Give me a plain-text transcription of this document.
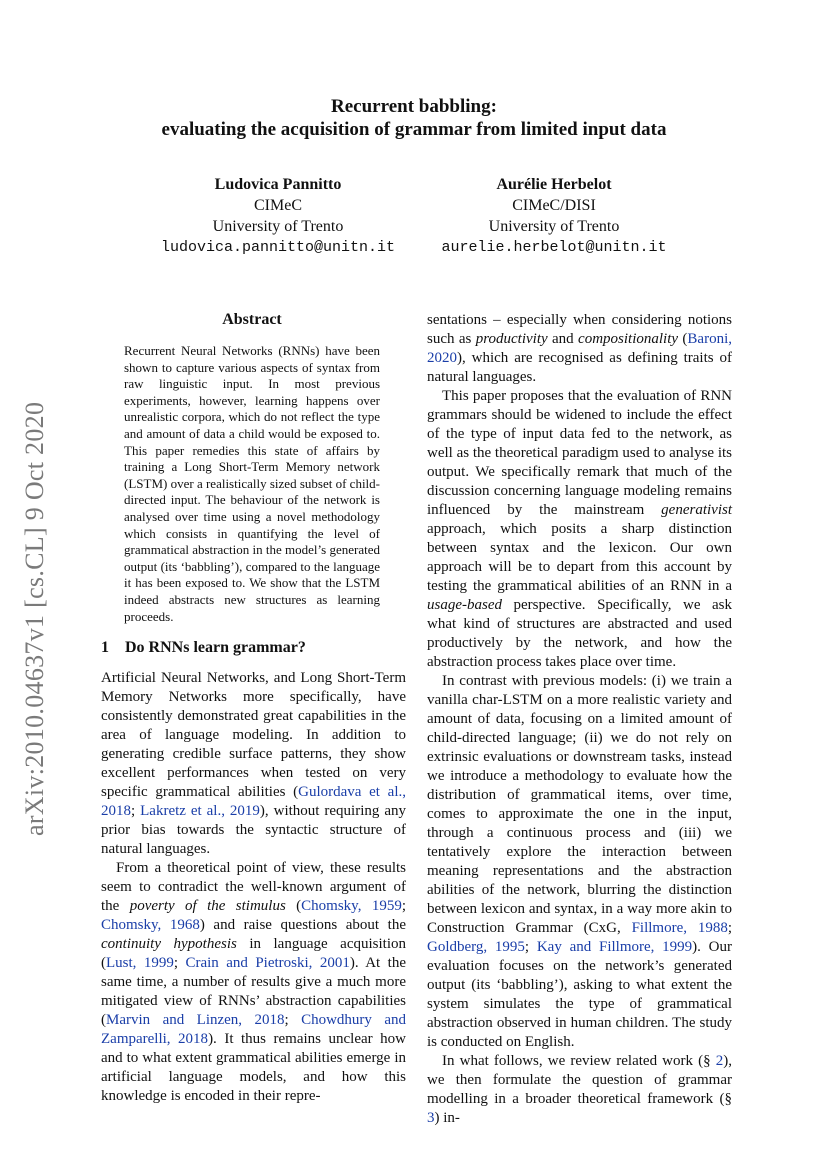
Recurrent babbling:
evaluating the acquisition of grammar from limited input data
Ludovica Pannitto
CIMeC
University of Trento
ludovica.pannitto@unitn.it
Aurélie Herbelot
CIMeC/DISI
University of Trento
aurelie.herbelot@unitn.it
arXiv:2010.04637v1 [cs.CL] 9 Oct 2020
Abstract
Recurrent Neural Networks (RNNs) have been shown to capture various aspects of syntax from raw linguistic input. In most previous experiments, however, learning happens over unrealistic corpora, which do not reflect the type and amount of data a child would be exposed to. This paper remedies this state of affairs by training a Long Short-Term Memory network (LSTM) over a realistically sized subset of child-directed input. The behaviour of the network is analysed over time using a novel methodology which consists in quantifying the level of grammatical abstraction in the model’s generated output (its ‘babbling’), compared to the language it has been exposed to. We show that the LSTM indeed abstracts new structures as learning proceeds.
1 Do RNNs learn grammar?

Artificial Neural Networks, and Long Short-Term Memory Networks more specifically, have consistently demonstrated great capabilities in the area of language modeling. In addition to generating credible surface patterns, they show excellent performances when tested on very specific grammatical abilities (Gulordava et al., 2018; Lakretz et al., 2019), without requiring any prior bias towards the syntactic structure of natural languages.

From a theoretical point of view, these results seem to contradict the well-known argument of the poverty of the stimulus (Chomsky, 1959; Chomsky, 1968) and raise questions about the continuity hypothesis in language acquisition (Lust, 1999; Crain and Pietroski, 2001). At the same time, a number of results give a much more mitigated view of RNNs’ abstraction capabilities (Marvin and Linzen, 2018; Chowdhury and Zamparelli, 2018). It thus remains unclear how and to what extent grammatical abilities emerge in artificial language models, and how this knowledge is encoded in their repre-

sentations – especially when considering notions such as productivity and compositionality (Baroni, 2020), which are recognised as defining traits of natural languages.

This paper proposes that the evaluation of RNN grammars should be widened to include the effect of the type of input data fed to the network, as well as the theoretical paradigm used to analyse its output. We specifically remark that much of the discussion concerning language modeling remains influenced by the mainstream generativist approach, which posits a sharp distinction between syntax and the lexicon. Our own approach will be to depart from this account by testing the grammatical abilities of an RNN in a usage-based perspective. Specifically, we ask what kind of structures are abstracted and used productively by the network, and how the abstraction process takes place over time.

In contrast with previous models: (i) we train a vanilla char-LSTM on a more realistic variety and amount of data, focusing on a limited amount of child-directed language; (ii) we do not rely on extrinsic evaluations or downstream tasks, instead we introduce a methodology to evaluate how the distribution of grammatical items, over time, comes to approximate the one in the input, through a continuous process and (iii) we tentatively explore the interaction between meaning representations and the abstraction abilities of the network, blurring the distinction between lexicon and syntax, in a way more akin to Construction Grammar (CxG, Fillmore, 1988; Goldberg, 1995; Kay and Fillmore, 1999). Our evaluation focuses on the network’s generated output (its ‘babbling’), asking to what extent the system simulates the type of grammatical abstraction observed in human children. The study is conducted on English.

In what follows, we review related work (§ 2), we then formulate the question of grammar modelling in a broader theoretical framework (§ 3) in-
